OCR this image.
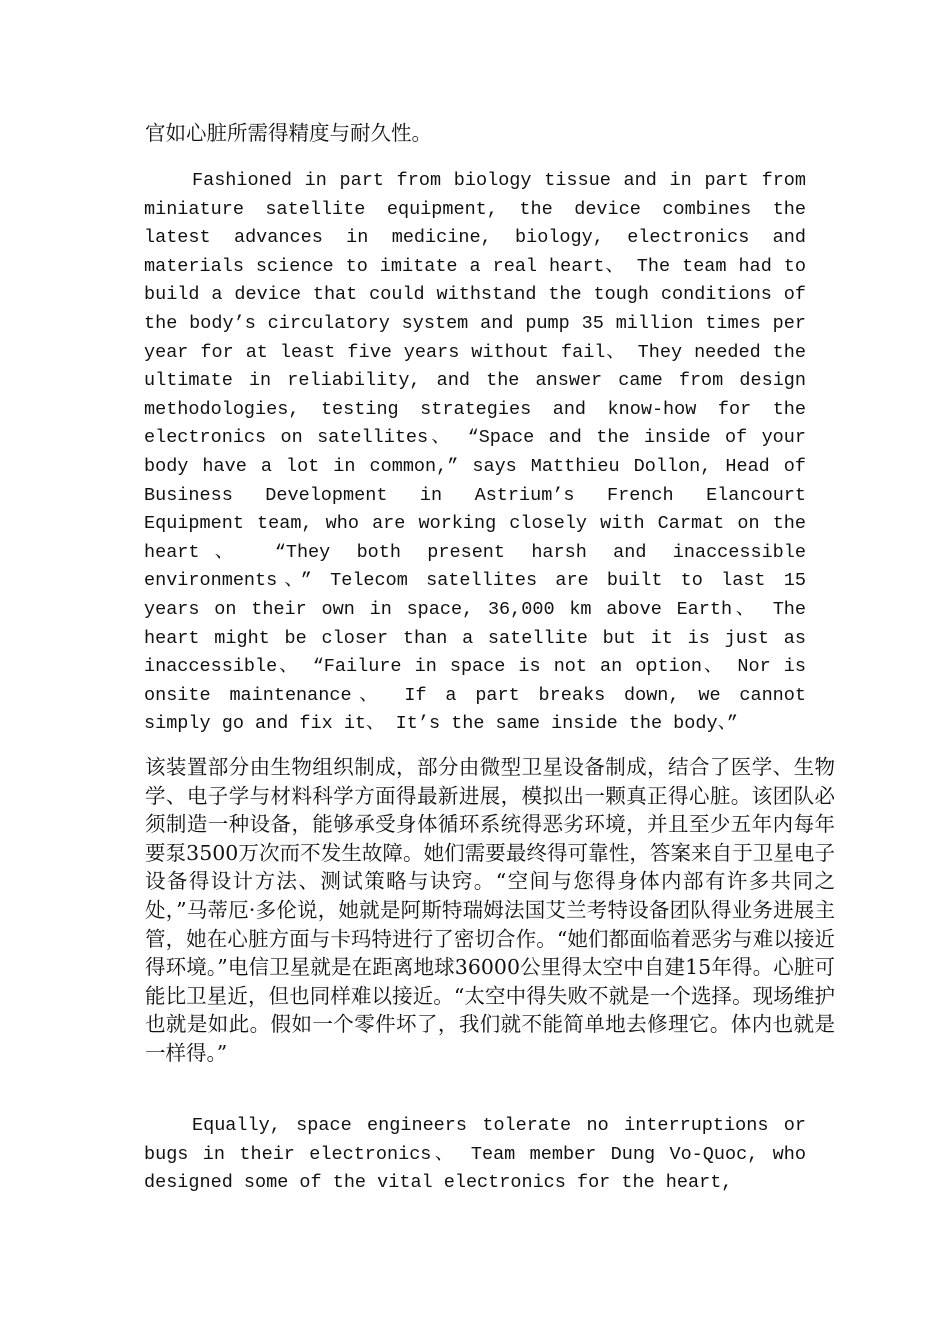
官如心脏所需得精度与耐久性。

Fashioned in part from biology tissue and in part from miniature satellite equipment, the device combines the latest advances in medicine, biology, electronics and materials science to imitate a real heart、 The team had to build a device that could withstand the tough conditions of the body’s circulatory system and pump 35 million times per year for at least five years without fail、 They needed the ultimate in reliability, and the answer came from design methodologies, testing strategies and know-how for the electronics on satellites、 “Space and the inside of your body have a lot in common,” says Matthieu Dollon, Head of Business Development in Astrium’s French Elancourt Equipment team, who are working closely with Carmat on the heart、 “They both present harsh and inaccessible environments、” Telecom satellites are built to last 15 years on their own in space, 36,000 km above Earth、 The heart might be closer than a satellite but it is just as inaccessible、 “Failure in space is not an option、 Nor is onsite maintenance、 If a part breaks down, we cannot simply go and fix it、 It’s the same inside the body、”

该装置部分由生物组织制成，部分由微型卫星设备制成，结合了医学、生物学、电子学与材料科学方面得最新进展，模拟出一颗真正得心脏。该团队必须制造一种设备，能够承受身体循环系统得恶劣环境，并且至少五年内每年要泵3500万次而不发生故障。她们需要最终得可靠性，答案来自于卫星电子设备得设计方法、测试策略与诀窍。“空间与您得身体内部有许多共同之处，”马蒂厄·多伦说，她就是阿斯特瑞姆法国艾兰考特设备团队得业务进展主管，她在心脏方面与卡玛特进行了密切合作。“她们都面临着恶劣与难以接近得环境。”电信卫星就是在距离地球36000公里得太空中自建15年得。心脏可能比卫星近，但也同样难以接近。“太空中得失败不就是一个选择。现场维护也就是如此。假如一个零件坏了，我们就不能简单地去修理它。体内也就是一样得。”

Equally, space engineers tolerate no interruptions or bugs in their electronics、 Team member Dung Vo-Quoc, who designed some of the vital electronics for the heart,
